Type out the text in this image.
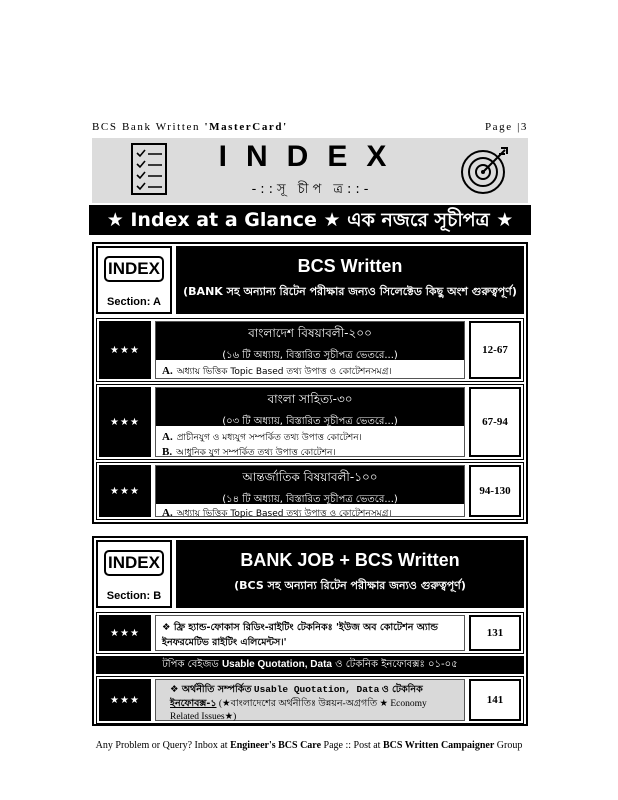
BCS Bank Written 'MasterCard'	Page |3
INDEX
-::সূ চীপ ত্র::-
★ Index at a Glance ★ এক নজরে সূচীপত্র ★
INDEX
Section: A
BCS Written
(BANK সহ অন্যান্য রিটেন পরীক্ষার জন্যও সিলেক্টেড কিছু অংশ গুরুত্বপূর্ণ)
★★★
বাংলাদেশ বিষয়াবলী-২০০
(১৬ টি অধ্যায়, বিস্তারিত সূচীপত্র ভেতরে...)
A. অধ্যায় ভিত্তিক Topic Based তথ্য উপাত্ত ও কোটেশনসমগ্র।
12-67
★★★
বাংলা সাহিত্য-৩০
(০৩ টি অধ্যায়, বিস্তারিত সূচীপত্র ভেতরে...)
A. প্রাচীনযুগ ও মধ্যযুগ সম্পর্কিত তথ্য উপাত্ত কোটেশন।
B. আধুনিক যুগ সম্পর্কিত তথ্য উপাত্ত কোটেশন।
67-94
★★★
আন্তর্জাতিক বিষয়াবলী-১০০
(১৪ টি অধ্যায়, বিস্তারিত সূচীপত্র ভেতরে...)
A. অধ্যায় ভিত্তিক Topic Based তথ্য উপাত্ত ও কোটেশনসমগ্র।
94-130
INDEX
Section: B
BANK JOB + BCS Written
(BCS সহ অন্যান্য রিটেন পরীক্ষার জন্যও গুরুত্বপূর্ণ)
★★★	❖ ফ্রি হ্যান্ড-ফোকাস রিডিং-রাইটিং টেকনিকঃ 'ইউজ অব কোটেশন অ্যান্ড ইনফরমেটিভ রাইটিং এলিমেন্টস।'
131
টপিক বেইজড Usable Quotation, Data ও টেকনিক ইনফোবক্সঃ ০১-০৫
★★★
❖ অর্থনীতি সম্পর্কিত Usable Quotation, Data ও টেকনিক
ইনফোবক্স-১ (★বাংলাদেশের অর্থনীতিঃ উন্নয়ন-অগ্রগতি ★ Economy
Related Issues★)
141
Any Problem or Query? Inbox at Engineer's BCS Care Page :: Post at BCS Written Campaigner Group
